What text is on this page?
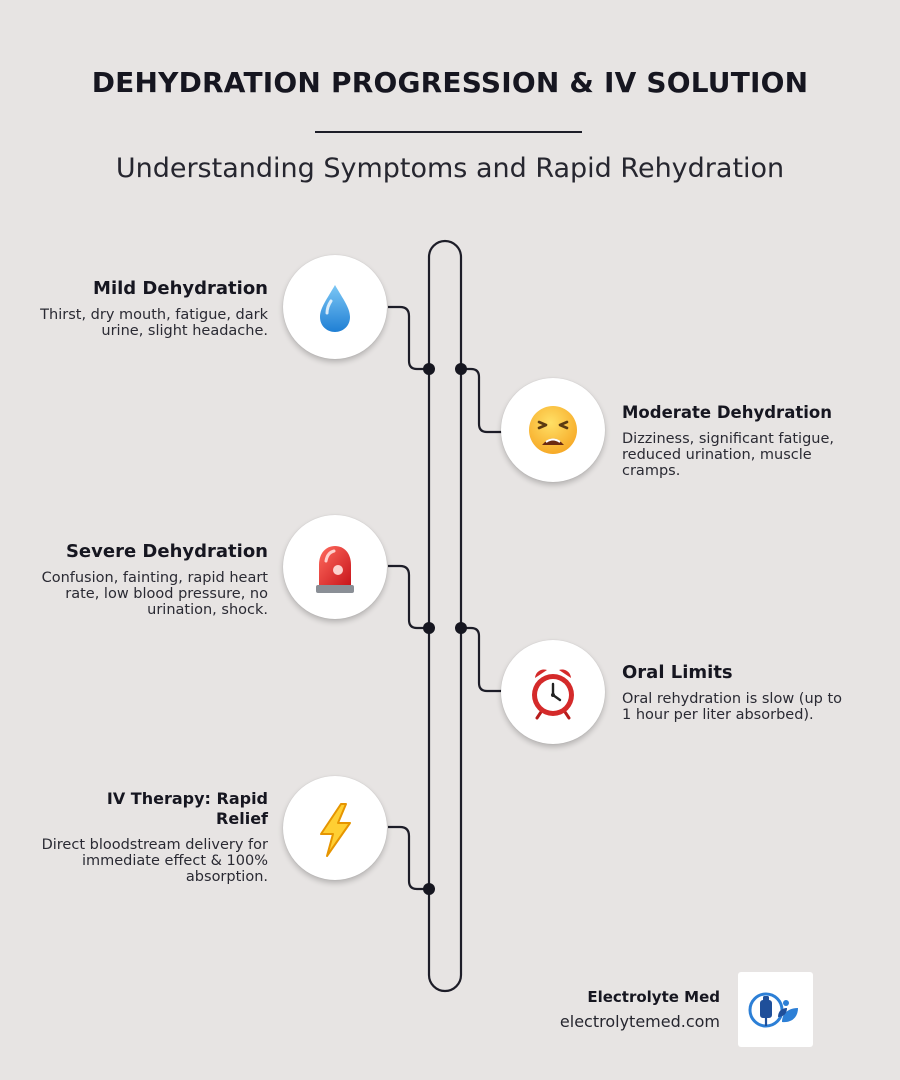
DEHYDRATION PROGRESSION & IV SOLUTION
Understanding Symptoms and Rapid Rehydration
Mild Dehydration
Thirst, dry mouth, fatigue, dark urine, slight headache.
Moderate Dehydration
Dizziness, significant fatigue, reduced urination, muscle cramps.
Severe Dehydration
Confusion, fainting, rapid heart rate, low blood pressure, no urination, shock.
Oral Limits
Oral rehydration is slow (up to 1 hour per liter absorbed).
IV Therapy: Rapid Relief
Direct bloodstream delivery for immediate effect & 100% absorption.
Electrolyte Med
electrolytemed.com
